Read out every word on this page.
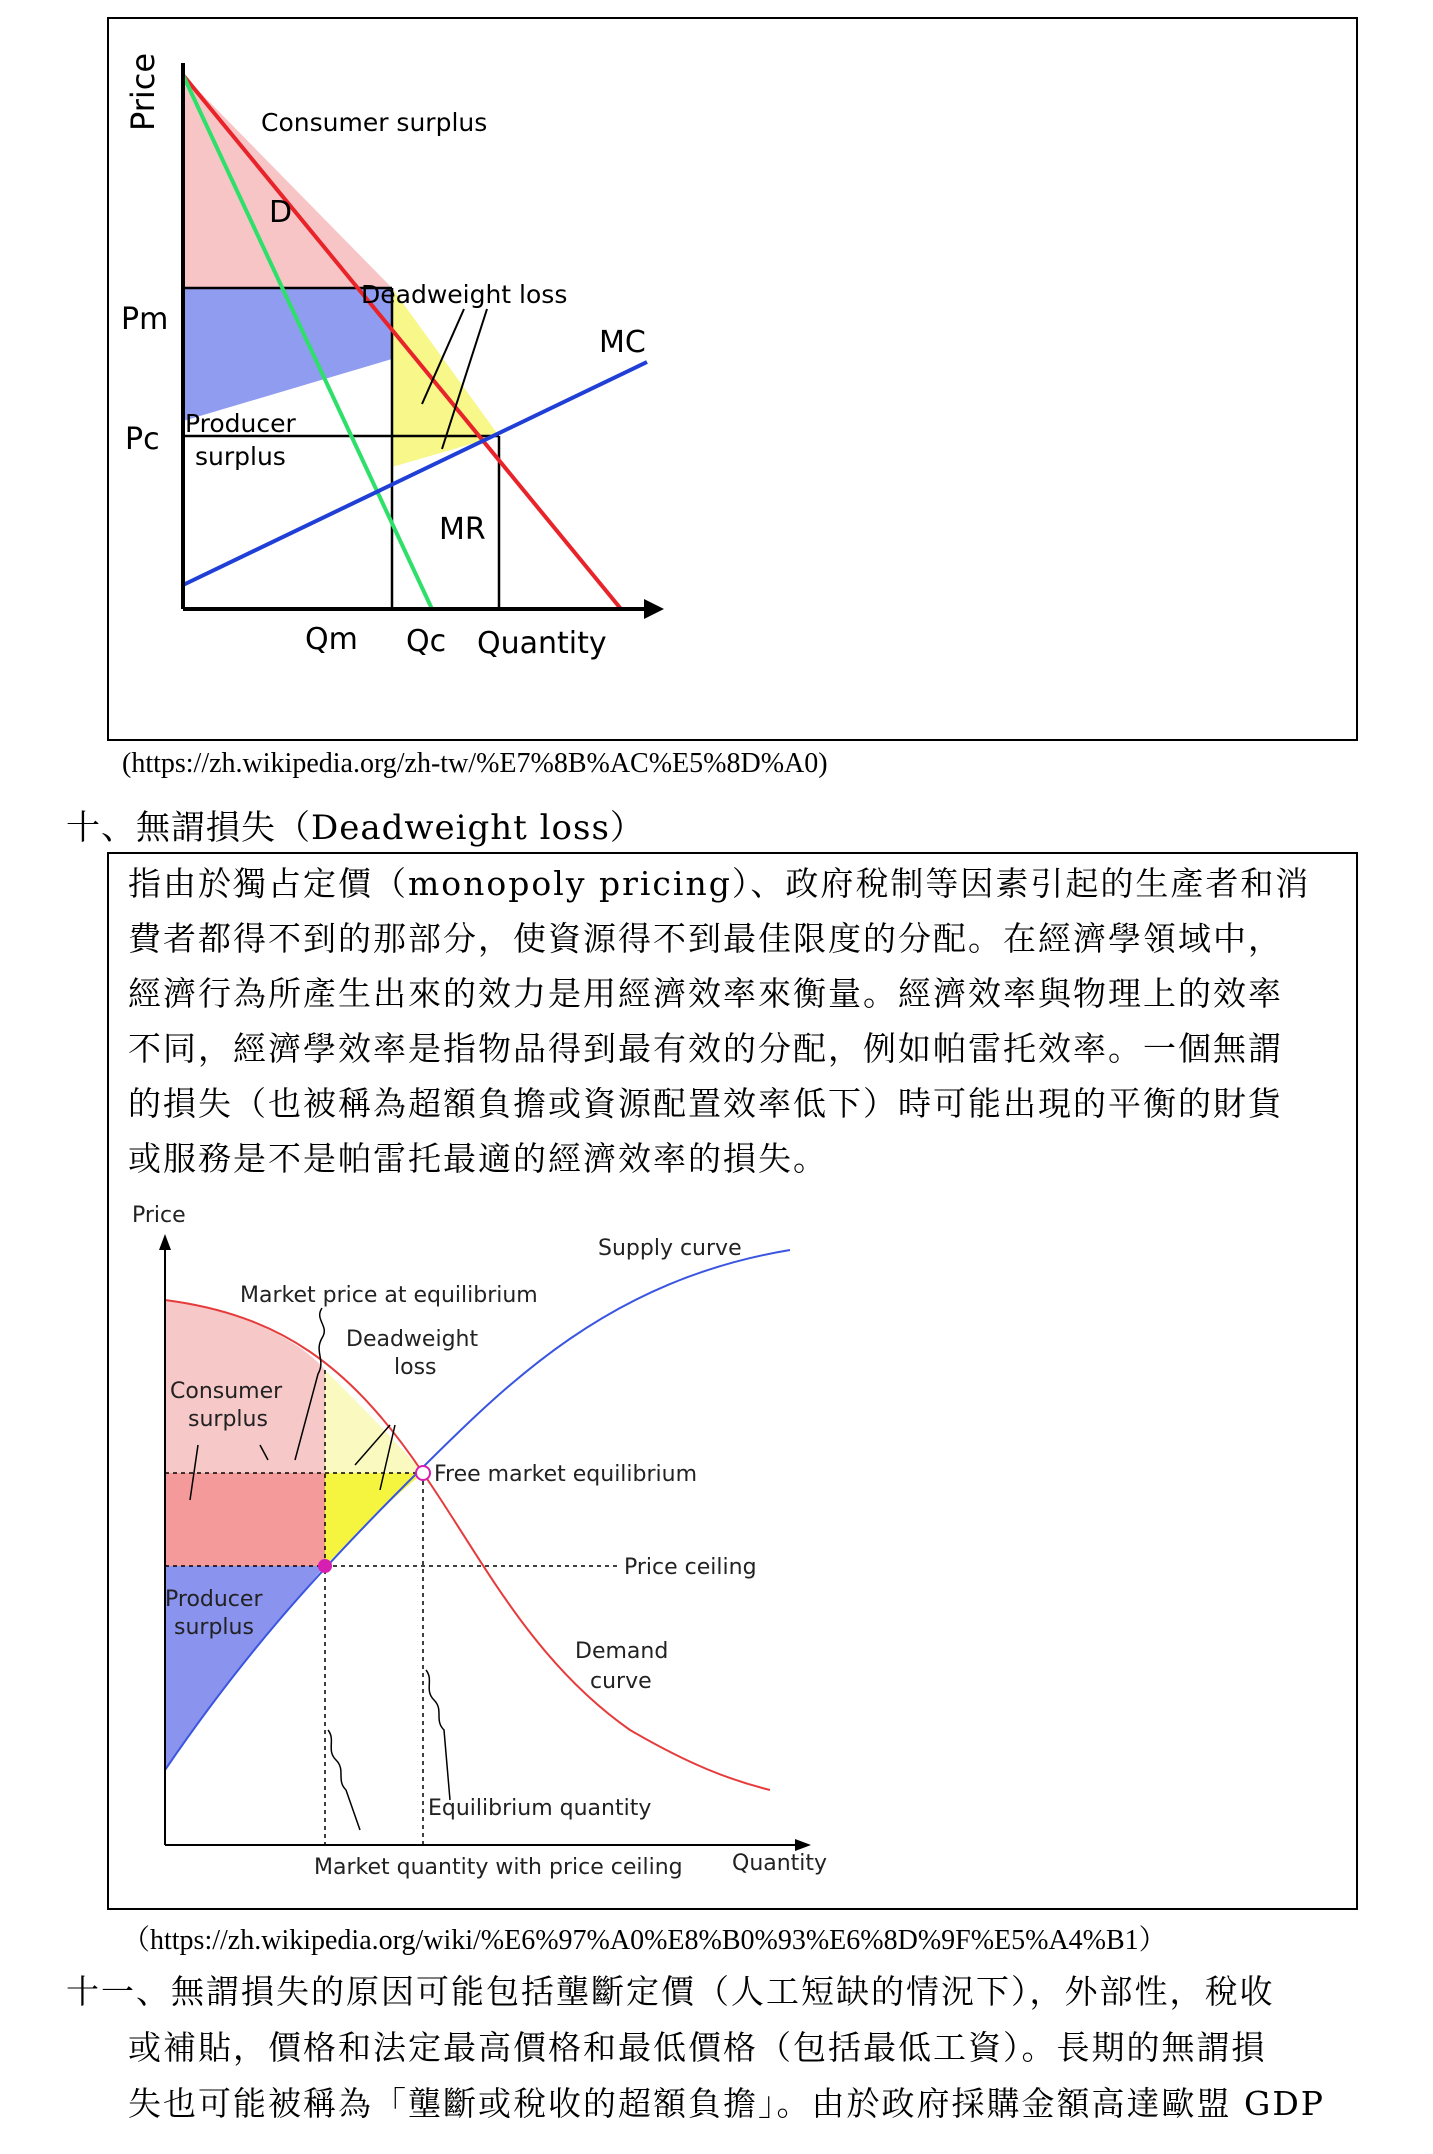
Price	Consumer surplus
D
Deadweight loss
Pm
MC
Pc Producer
surplus
MR
Qm Qc Quantity
(https://zh.wikipedia.org/zh-tw/%E7%8B%AC%E5%8D%A0)
十、無謂損失（Deadweight loss）
指由於獨占定價（monopoly pricing）、政府稅制等因素引起的生產者和消
費者都得不到的那部分，使資源得不到最佳限度的分配。在經濟學領域中，
經濟行為所產生出來的效力是用經濟效率來衡量。經濟效率與物理上的效率
不同，經濟學效率是指物品得到最有效的分配，例如帕雷托效率。一個無謂
的損失（也被稱為超額負擔或資源配置效率低下）時可能出現的平衡的財貨
或服務是不是帕雷托最適的經濟效率的損失。
Price
Market price at equilibrium
Supply curve
Deadweight
loss
Consumer
surplus
Free market equilibrium
Price ceiling
Producer
surplus
Demand
curve
Equilibrium quantity
Market quantity with price ceiling Quantity
（https://zh.wikipedia.org/wiki/%E6%97%A0%E8%B0%93%E6%8D%9F%E5%A4%B1）
十一、無謂損失的原因可能包括壟斷定價（人工短缺的情況下），外部性，稅收
或補貼，價格和法定最高價格和最低價格（包括最低工資）。長期的無謂損
失也可能被稱為「壟斷或稅收的超額負擔」。由於政府採購金額高達歐盟 GDP
